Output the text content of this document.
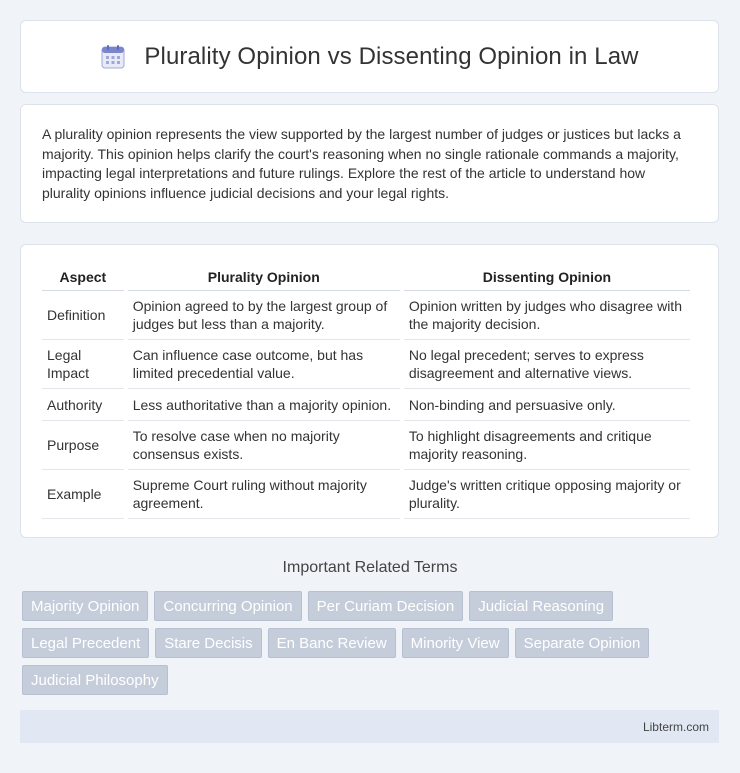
Plurality Opinion vs Dissenting Opinion in Law

A plurality opinion represents the view supported by the largest number of judges or justices but lacks a majority. This opinion helps clarify the court's reasoning when no single rationale commands a majority, impacting legal interpretations and future rulings. Explore the rest of the article to understand how plurality opinions influence judicial decisions and your legal rights.

Aspect	Plurality Opinion	Dissenting Opinion
Definition	Opinion agreed to by the largest group of judges but less than a majority.	Opinion written by judges who disagree with the majority decision.
Legal Impact	Can influence case outcome, but has limited precedential value.	No legal precedent; serves to express disagreement and alternative views.
Authority	Less authoritative than a majority opinion.	Non-binding and persuasive only.
Purpose	To resolve case when no majority consensus exists.	To highlight disagreements and critique majority reasoning.
Example	Supreme Court ruling without majority agreement.	Judge's written critique opposing majority or plurality.
Important Related Terms
Majority Opinion	Concurring Opinion	Per Curiam Decision	Judicial Reasoning
Legal Precedent	Stare Decisis	En Banc Review	Minority View	Separate Opinion
Judicial Philosophy
Libterm.com
